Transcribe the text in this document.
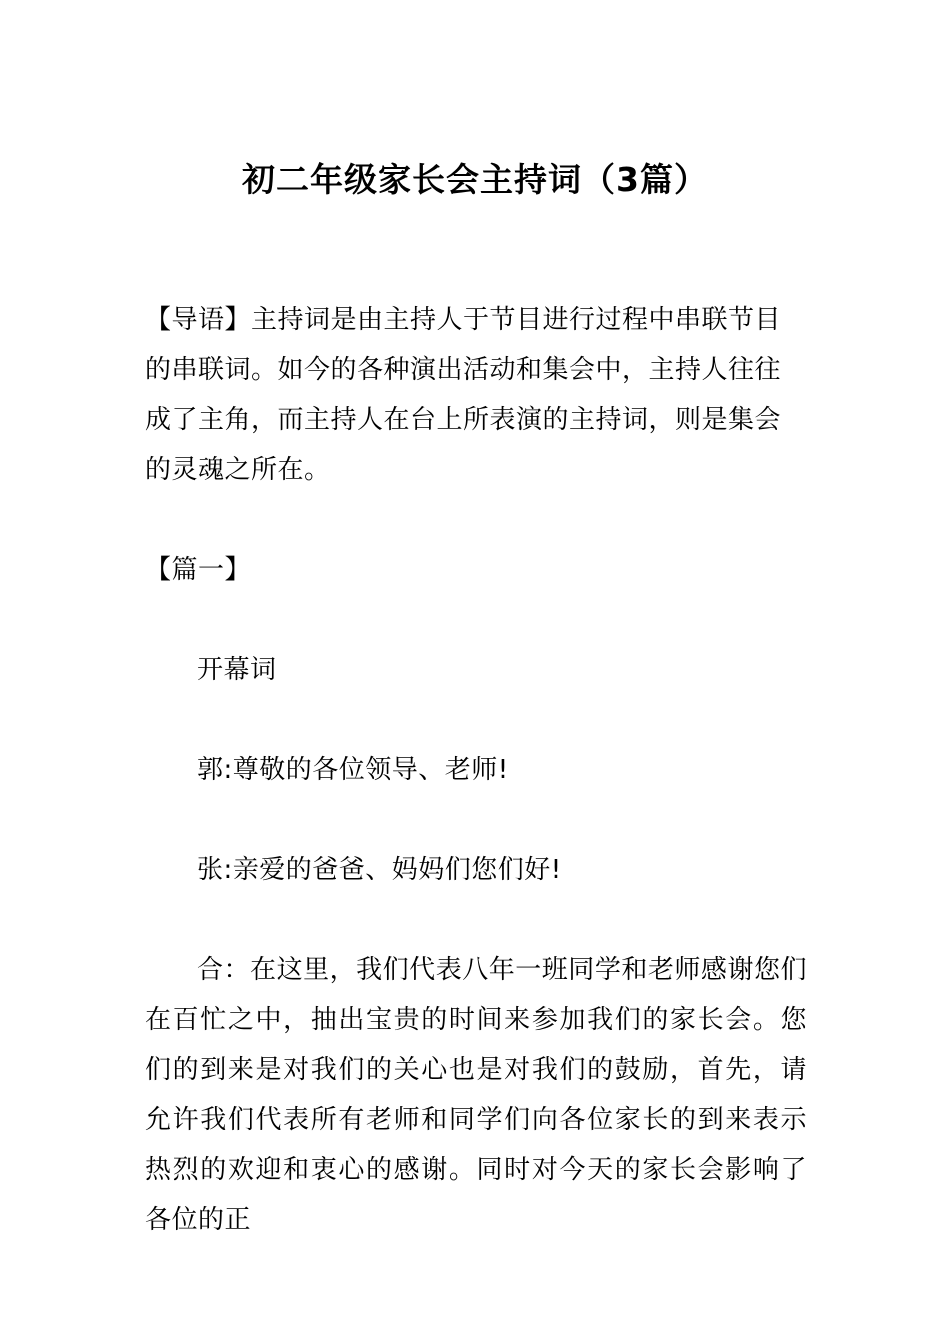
初二年级家长会主持词（3篇）
【导语】主持词是由主持人于节目进行过程中串联节目的串联词。如今的各种演出活动和集会中，主持人往往成了主角，而主持人在台上所表演的主持词，则是集会的灵魂之所在。
【篇一】
开幕词
郭:尊敬的各位领导、老师!
张:亲爱的爸爸、妈妈们您们好!
合：在这里，我们代表八年一班同学和老师感谢您们在百忙之中，抽出宝贵的时间来参加我们的家长会。您们的到来是对我们的关心也是对我们的鼓励，首先，请允许我们代表所有老师和同学们向各位家长的到来表示热烈的欢迎和衷心的感谢。同时对今天的家长会影响了各位的正
